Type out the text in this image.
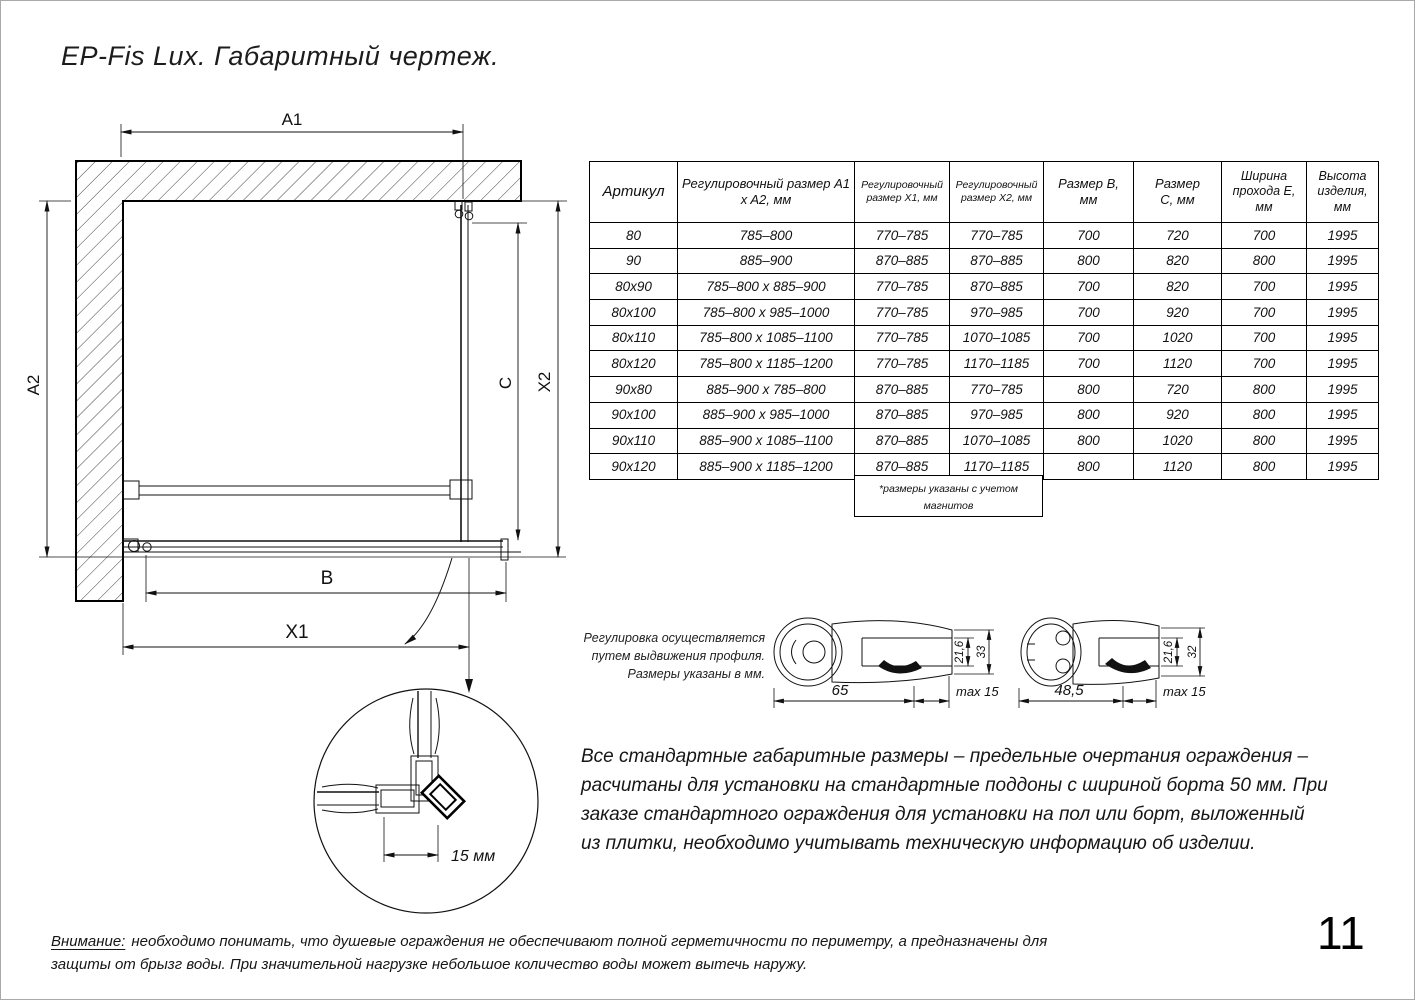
EP-Fis Lux. Габаритный чертеж.
A1
A2	C X2
B
X1
15 мм
Артикул	Регулировочный размер A1 x A2, мм	Регулировочный размер X1, мм	Регулировочный размер X2, мм	Размер B, мм	Размер C, мм	Ширина прохода E, мм	Высота изделия, мм
80	785–800	770–785	770–785	700	720	700	1995
90	885–900	870–885	870–885	800	820	800	1995
80x90	785–800 x 885–900	770–785	870–885	700	820	700	1995
80x100	785–800 x 985–1000	770–785	970–985	700	920	700	1995
80x110	785–800 x 1085–1100	770–785	1070–1085	700	1020	700	1995
80x120	785–800 x 1185–1200	770–785	1170–1185	700	1120	700	1995
90x80	885–900 x 785–800	870–885	770–785	800	720	800	1995
90x100	885–900 x 985–1000	870–885	970–985	800	920	800	1995
90x110	885–900 x 1085–1100	870–885	1070–1085	800	1020	800	1995
90x120	885–900 x 1185–1200	870–885	1170–1185	800	1120	800	1995
*размеры указаны с учетом магнитов
Регулировка осуществляется путем выдвижения профиля. Размеры указаны в мм.
65	max 15
21,6 33
48,5	max 15
21,6 32
Все стандартные габаритные размеры – предельные очертания ограждения – расчитаны для установки на стандартные поддоны с шириной борта 50 мм. При заказе стандартного ограждения для установки на пол или борт, выложенный из плитки, необходимо учитывать техническую информацию об изделии.
Внимание: необходимо понимать, что душевые ограждения не обеспечивают полной герметичности по периметру, а предназначены для защиты от брызг воды. При значительной нагрузке небольшое количество воды может вытечь наружу.
11
